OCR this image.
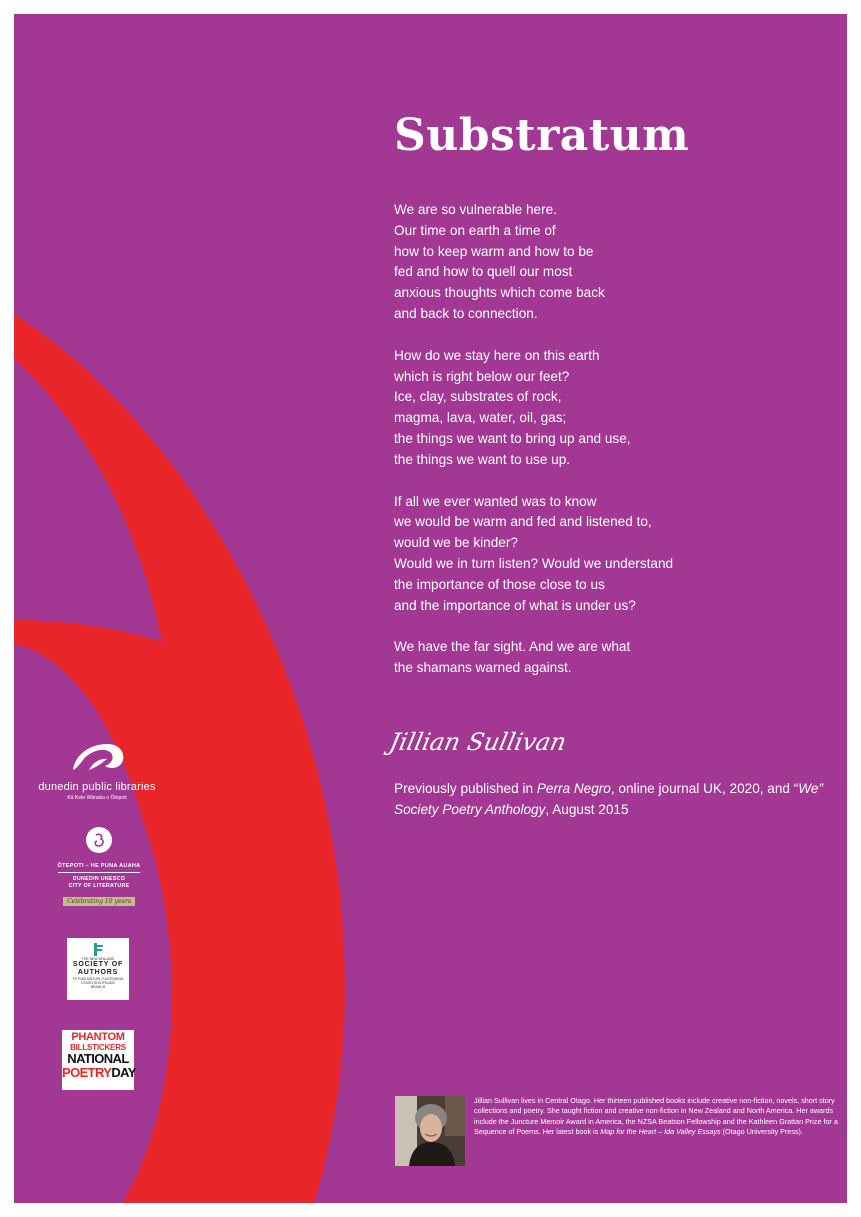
Substratum
We are so vulnerable here.
Our time on earth a time of
how to keep warm and how to be
fed and how to quell our most
anxious thoughts which come back
and back to connection.
How do we stay here on this earth
which is right below our feet?
Ice, clay, substrates of rock,
magma, lava, water, oil, gas;
the things we want to bring up and use,
the things we want to use up.
If all we ever wanted was to know
we would be warm and fed and listened to,
would we be kinder?
Would we in turn listen? Would we understand
the importance of those close to us
and the importance of what is under us?
We have the far sight. And we are what
the shamans warned against.
Jillian Sullivan
Previously published in Perra Negro, online journal UK, 2020, and “We” Society Poetry Anthology, August 2015
dunedin public libraries
Kā Kete Wānaka o Ōtepoti
ŌTEPOTI – HE PUNA AUAHA
DUNEDIN UNESCO
CITY OF LITERATURE
Celebrating 10 years
THE NEW ZEALAND
SOCIETY OF
AUTHORS
TE PUNI KAITUHI O AOTEAROA
OTAGO SOUTHLAND
BRANCH
PHANTOM
BILLSTICKERS
NATIONAL
POETRYDAY
Jillian Sullivan lives in Central Otago. Her thirteen published books include creative non-fiction, novels, short story collections and poetry. She taught fiction and creative non-fiction in New Zealand and North America. Her awards include the Juncture Memoir Award in America, the NZSA Beatson Fellowship and the Kathleen Grattan Prize for a Sequence of Poems. Her latest book is Map for the Heart – Ida Valley Essays (Otago University Press).
